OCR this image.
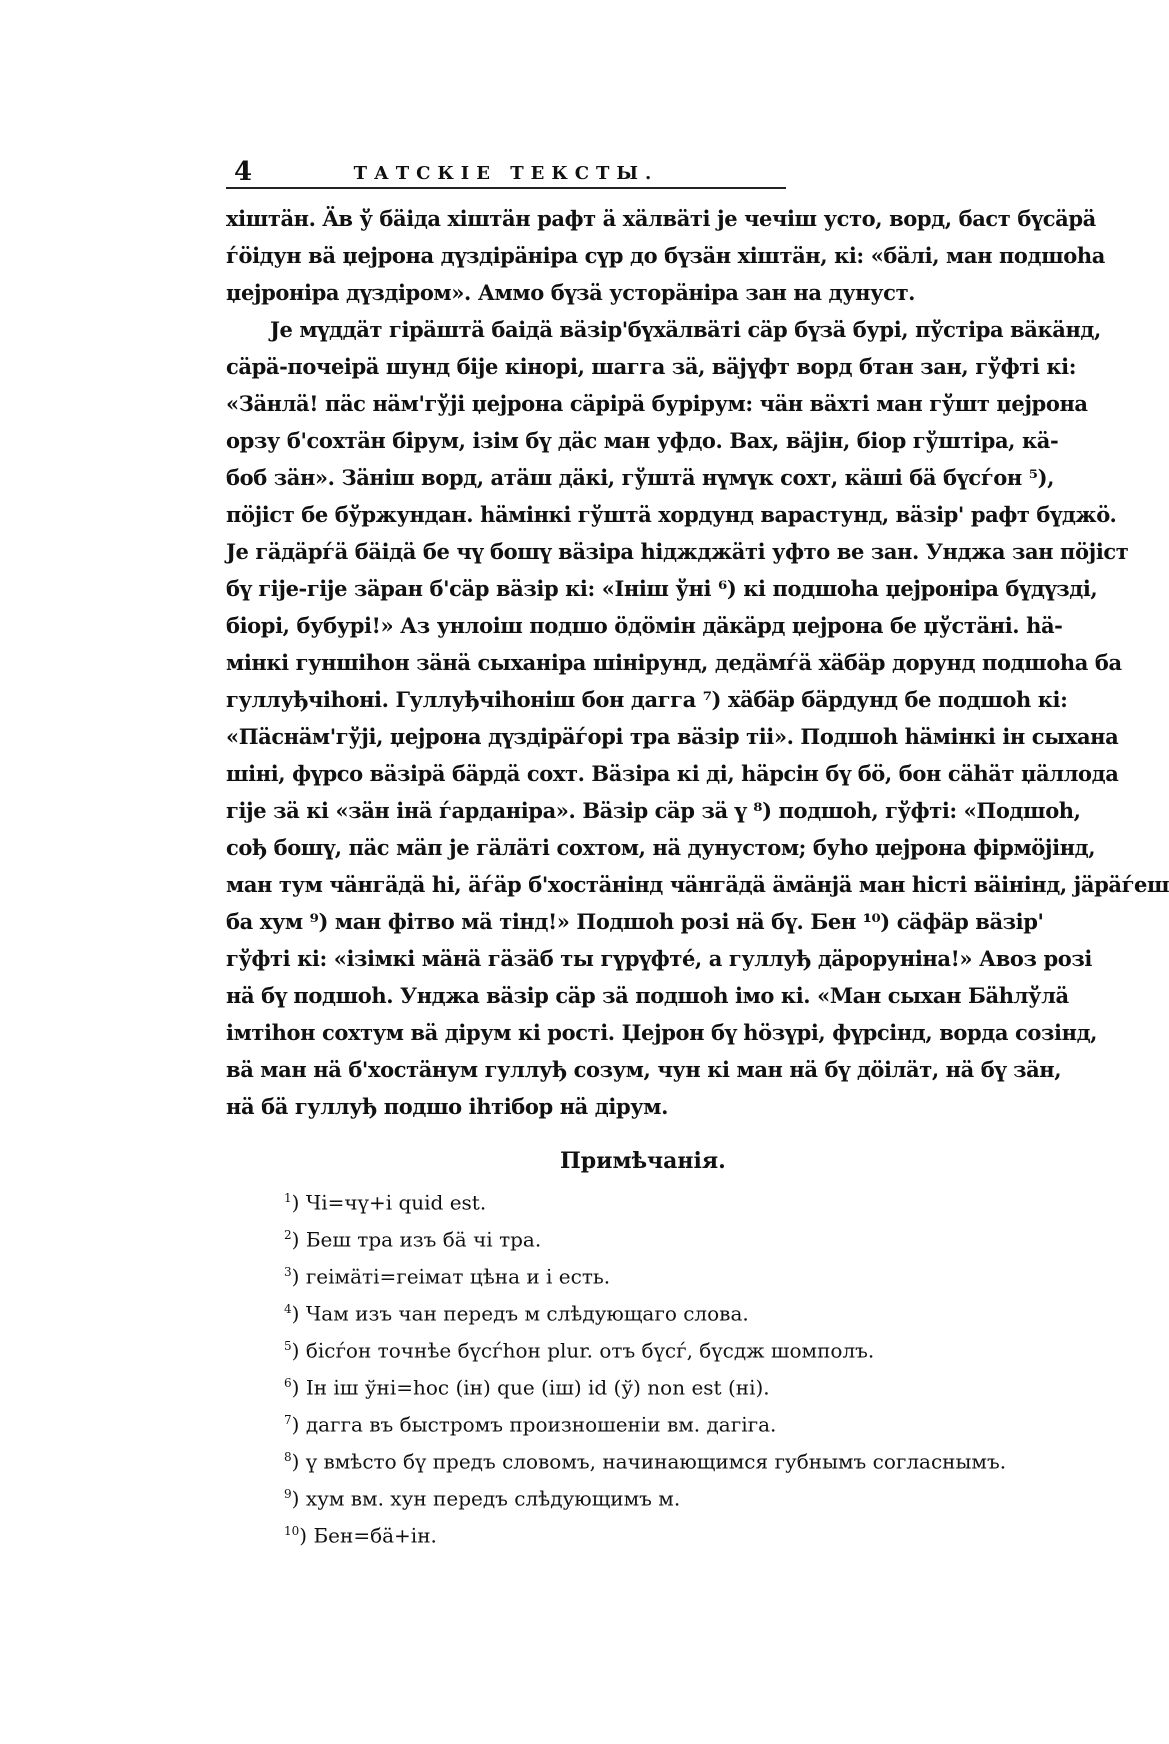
4	ТАТСКІЕ ТЕКСТЫ.
хіштäн. Äв ў бäіда хіштäн рафт ä хäлвäті је чечіш усто, ворд, баст бүсäрä
ѓöідун вä џејрона дүздірäніра сүр до бүзäн хіштäн, кі: «бäлі, ман подшоhа
џејроніра дүздіром». Аммо бүзä усторäніра зан на дунуст.
Је мүддäт гірäштä баідä вäзір'бүхäлвäті сäр бүзä бурі, пўстіра вäкäнд,
сäрä-почеірä шунд біје кінорі, шагга зä, вäјүфт ворд бтан зан, гўфті кі:
«Зäнлä! пäс нäм'гўјі џејрона сäрірä бурірум: чäн вäхті ман гўшт џејрона
орзу б'сохтäн бірум, ізім бү дäс ман уфдо. Вах, вäјін, біор гўштіра, кä-
боб зäн». Зäніш ворд, атäш дäкі, гўштä нүмүк сохт, кäші бä бүсѓон ⁵),
пöјіст бе бўржундан. häмінкі гўштä хордунд варастунд, вäзір' рафт бүджö.
Је гäдäрѓä бäідä бе чү бошү вäзіра hіджджäті уфто ве зан. Унджа зан пöјіст
бү гіје-гіје зäран б'сäр вäзір кі: «Ініш ўні ⁶) кі подшоhа џејроніра бүдүзді,
біорі, бубурі!» Аз унлоіш подшо öдöмін дäкäрд џејрона бе џўстäні. hä-
мінкі гуншіhон зäнä сыханіра шінірунд, дедäмѓä хäбäр дорунд подшоhа ба
гуллуђчіhоні. Гуллуђчіhоніш бон дагга ⁷) хäбäр бäрдунд бе подшоh кі:
«Пäснäм'гўјі, џејрона дүздірäѓорі тра вäзір тіі». Подшоh häмінкі ін сыхана
шіні, фүрсо вäзірä бäрдä сохт. Вäзіра кі ді, häрсін бү бö, бон сähäт џäллода
гіје зä кі «зäн інä ѓарданіра». Вäзір сäр зä ү ⁸) подшоh, гўфті: «Подшоh,
сођ бошү, пäс мäп је гäлäті сохтом, нä дунустом; буhо џејрона фірмöјінд,
ман тум чäнгäдä hі, äѓäр б'хостäнінд чäнгäдä äмäнјä ман hісті вäінінд, јäрäѓеш
ба хум ⁹) ман фітво мä тінд!» Подшоh розі нä бү. Бен ¹⁰) сäфäр вäзір'
гўфті кі: «ізімкі мäнä гäзäб ты гүрүфтé, а гуллуђ дäроруніна!» Авоз розі
нä бү подшоh. Унджа вäзір сäр зä подшоh імо кі. «Ман сыхан Бähлўлä
імтіhон сохтум вä дірум кі ростi. Џејрон бү höзүрі, фүрсінд, ворда созінд,
вä ман нä б'хостäнум гуллуђ созум, чун кі ман нä бү дöілäт, нä бү зäн,
нä бä гуллуђ подшо іhтібор нä дірум.
Примѣчанія.
$^1$) Чі=чү+і quid est.
$^2$) Беш тра изъ бä чі тра.
$^3$) геімäті=геімат цѣна и і есть.
$^4$) Чам изъ чан передъ м слѣдующаго слова.
$^5$) бісѓон точнѣе бүсѓhон plur. отъ бүсѓ, бүсдж шомполъ.
$^6$) Ін іш ўні=hoc (ін) que (іш) id (ў) non est (ні).
$^7$) дагга въ быстромъ произношеніи вм. дагіга.
$^8$) ү вмѣсто бү предъ словомъ, начинающимся губнымъ согласнымъ.
$^9$) хум вм. хун передъ слѣдующимъ м.
$^{10}$) Бен=бä+ін.
